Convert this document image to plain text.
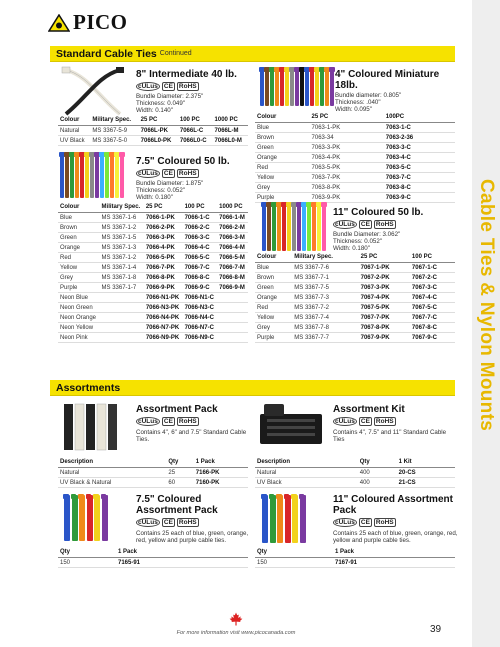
PICO
Cable Ties & Nylon Mounts
Standard Cable Ties Continued
8" Intermediate 40 lb.
cULus CE RoHS
Bundle Diameter: 2.375"
Thickness: 0.049"
Width: 0.140"
Colour	Military Spec.	25 PC	100 PC	1000 PC
Natural	MS 3367-5-9	7066L-PK	7066L-C	7066L-M
UV Black	MS 3367-5-0	7066L0-PK	7066L0-C	7066L0-M
4" Coloured Miniature 18lb.
Bundle diameter: 0.805"
Thickness: .040"
Width: 0.095"
Colour	25 PC	100PC
Blue	7063-1-PK	7063-1-C
Brown	7063-34	7063-2-36
Green	7063-3-PK	7063-3-C
Orange	7063-4-PK	7063-4-C
Red	7063-5-PK	7063-5-C
Yellow	7063-7-PK	7063-7-C
Grey	7063-8-PK	7063-8-C
Purple	7063-9-PK	7063-9-C
7.5" Coloured 50 lb.
cULus CE RoHS
Bundle Diameter: 1.875"
Thickness: 0.052"
Width: 0.180"
Colour	Military Spec.	25 PC	100 PC	1000 PC
Blue	MS 3367-1-6	7066-1-PK	7066-1-C	7066-1-M
Brown	MS 3367-1-2	7066-2-PK	7066-2-C	7066-2-M
Green	MS 3367-1-5	7066-3-PK	7066-3-C	7066-3-M
Orange	MS 3367-1-3	7066-4-PK	7066-4-C	7066-4-M
Red	MS 3367-1-2	7066-5-PK	7066-5-C	7066-5-M
Yellow	MS 3367-1-4	7066-7-PK	7066-7-C	7066-7-M
Grey	MS 3367-1-8	7066-8-PK	7066-8-C	7066-8-M
Purple	MS 3367-1-7	7066-9-PK	7066-9-C	7066-9-M
Neon Blue		7066-N1-PK	7066-N1-C	
Neon Green		7066-N3-PK	7066-N3-C	
Neon Orange		7066-N4-PK	7066-N4-C	
Neon Yellow		7066-N7-PK	7066-N7-C	
Neon Pink		7066-N9-PK	7066-N9-C	
11" Coloured 50 lb.
cULus CE RoHS
Bundle Diameter: 3.062"
Thickness: 0.052"
Width: 0.180"
Colour	Military Spec.	25 PC	100 PC
Blue	MS 3367-7-6	7067-1-PK	7067-1-C
Brown	MS 3367-7-1	7067-2-PK	7067-2-C
Green	MS 3367-7-5	7067-3-PK	7067-3-C
Orange	MS 3367-7-3	7067-4-PK	7067-4-C
Red	MS 3367-7-2	7067-5-PK	7067-5-C
Yellow	MS 3367-7-4	7067-7-PK	7067-7-C
Grey	MS 3367-7-8	7067-8-PK	7067-8-C
Purple	MS 3367-7-7	7067-9-PK	7067-9-C
Assortments
Assortment Pack
cULus CE RoHS
Contains 4", 6" and 7.5" Standard Cable Ties.
Description	Qty	1 Pack
Natural	25	7166-PK
UV Black & Natural	60	7160-PK
Assortment Kit
cULus CE RoHS
Contains 4", 7.5" and 11" Standard Cable Ties
Description	Qty	1 Kit
Natural	400	20-CS
UV Black	400	21-CS
7.5" Coloured Assortment Pack
cULus CE RoHS
Contains 25 each of blue, green, orange, red, yellow and purple cable ties.
Qty	1 Pack
150	7165-91
11" Coloured Assortment Pack
cULus CE RoHS
Contains 25 each of blue, green, orange, red, yellow and purple cable ties.
Qty	1 Pack
150	7167-91
For more information visit www.picocanada.com	39
